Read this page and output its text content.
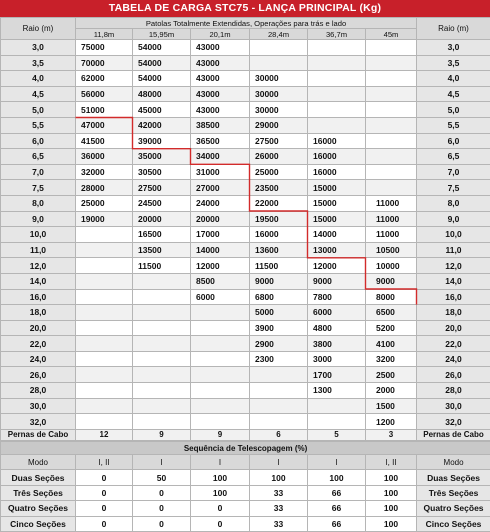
TABELA DE CARGA STC75 - LANÇA PRINCIPAL (Kg)
Raio (m)	Patolas Totalmente Extendidas, Operações para trás e lado						Raio (m)
	11,8m	15,95m	20,1m	28,4m	36,7m	45m	
3,0	75000	54000	43000				3,0
3,5	70000	54000	43000				3,5
4,0	62000	54000	43000	30000			4,0
4,5	56000	48000	43000	30000			4,5
5,0	51000	45000	43000	30000			5,0
5,5	47000	42000	38500	29000			5,5
6,0	41500	39000	36500	27500	16000		6,0
6,5	36000	35000	34000	26000	16000		6,5
7,0	32000	30500	31000	25000	16000		7,0
7,5	28000	27500	27000	23500	15000		7,5
8,0	25000	24500	24000	22000	15000	11000	8,0
9,0	19000	20000	20000	19500	15000	11000	9,0
10,0		16500	17000	16000	14000	11000	10,0
11,0		13500	14000	13600	13000	10500	11,0
12,0		11500	12000	11500	12000	10000	12,0
14,0			8500	9000	9000	9000	14,0
16,0			6000	6800	7800	8000	16,0
18,0				5000	6000	6500	18,0
20,0				3900	4800	5200	20,0
22,0				2900	3800	4100	22,0
24,0				2300	3000	3200	24,0
26,0					1700	2500	26,0
28,0					1300	2000	28,0
30,0						1500	30,0
32,0						1200	32,0
Pernas de Cabo	12	9	9	6	5	3	Pernas de Cabo
Sequência de Telescopagem (%)							
Modo	I, II	I	I	I	I	I, II	Modo
Duas Seções	0	50	100	100	100	100	Duas Seções
Três Seções	0	0	100	33	66	100	Três Seções
Quatro Seções	0	0	0	33	66	100	Quatro Seções
Cinco Seções	0	0	0	33	66	100	Cinco Seções
